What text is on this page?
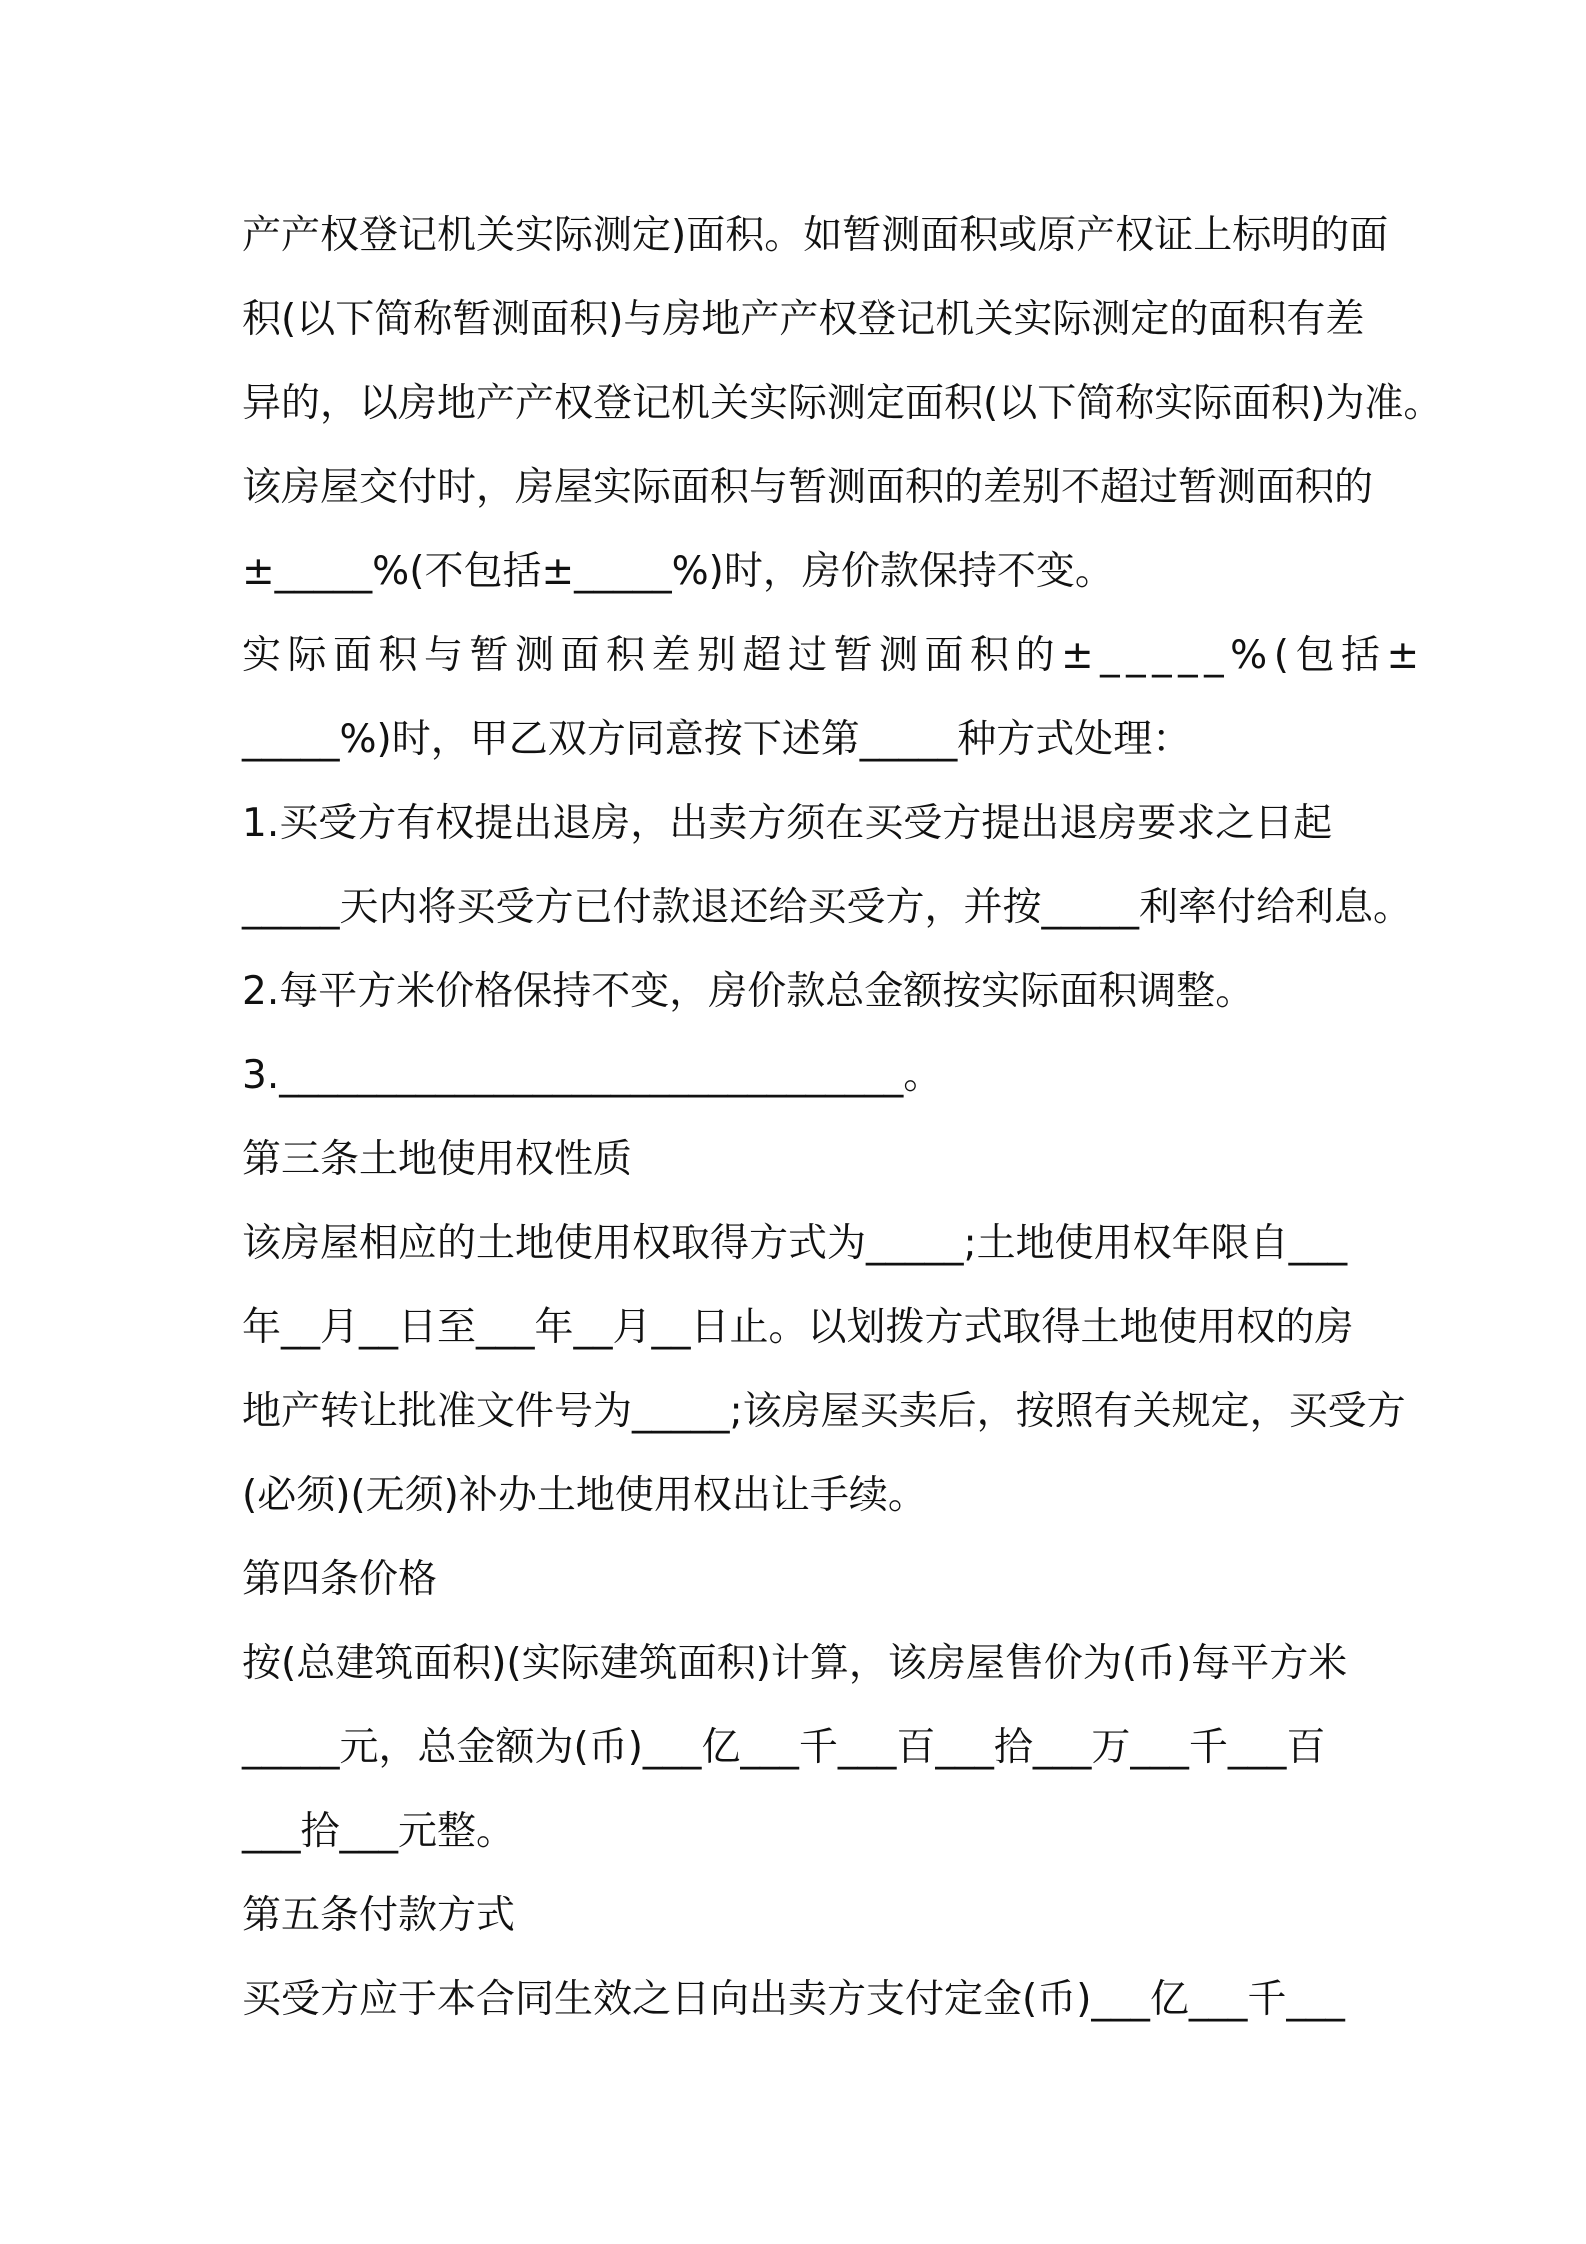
产产权登记机关实际测定)面积。如暂测面积或原产权证上标明的面
积(以下简称暂测面积)与房地产产权登记机关实际测定的面积有差
异的，以房地产产权登记机关实际测定面积(以下简称实际面积)为准。
该房屋交付时，房屋实际面积与暂测面积的差别不超过暂测面积的
±_____%(不包括±_____%)时，房价款保持不变。
实际面积与暂测面积差别超过暂测面积的±_____%(包括±
_____%)时，甲乙双方同意按下述第_____种方式处理：
1.买受方有权提出退房，出卖方须在买受方提出退房要求之日起
_____天内将买受方已付款退还给买受方，并按_____利率付给利息。
2.每平方米价格保持不变，房价款总金额按实际面积调整。
3.________________________________。
第三条土地使用权性质
该房屋相应的土地使用权取得方式为_____;土地使用权年限自___
年__月__日至___年__月__日止。以划拨方式取得土地使用权的房
地产转让批准文件号为_____;该房屋买卖后，按照有关规定，买受方
(必须)(无须)补办土地使用权出让手续。
第四条价格
按(总建筑面积)(实际建筑面积)计算，该房屋售价为(币)每平方米
_____元，总金额为(币)___亿___千___百___拾___万___千___百
___拾___元整。
第五条付款方式
买受方应于本合同生效之日向出卖方支付定金(币)___亿___千___
